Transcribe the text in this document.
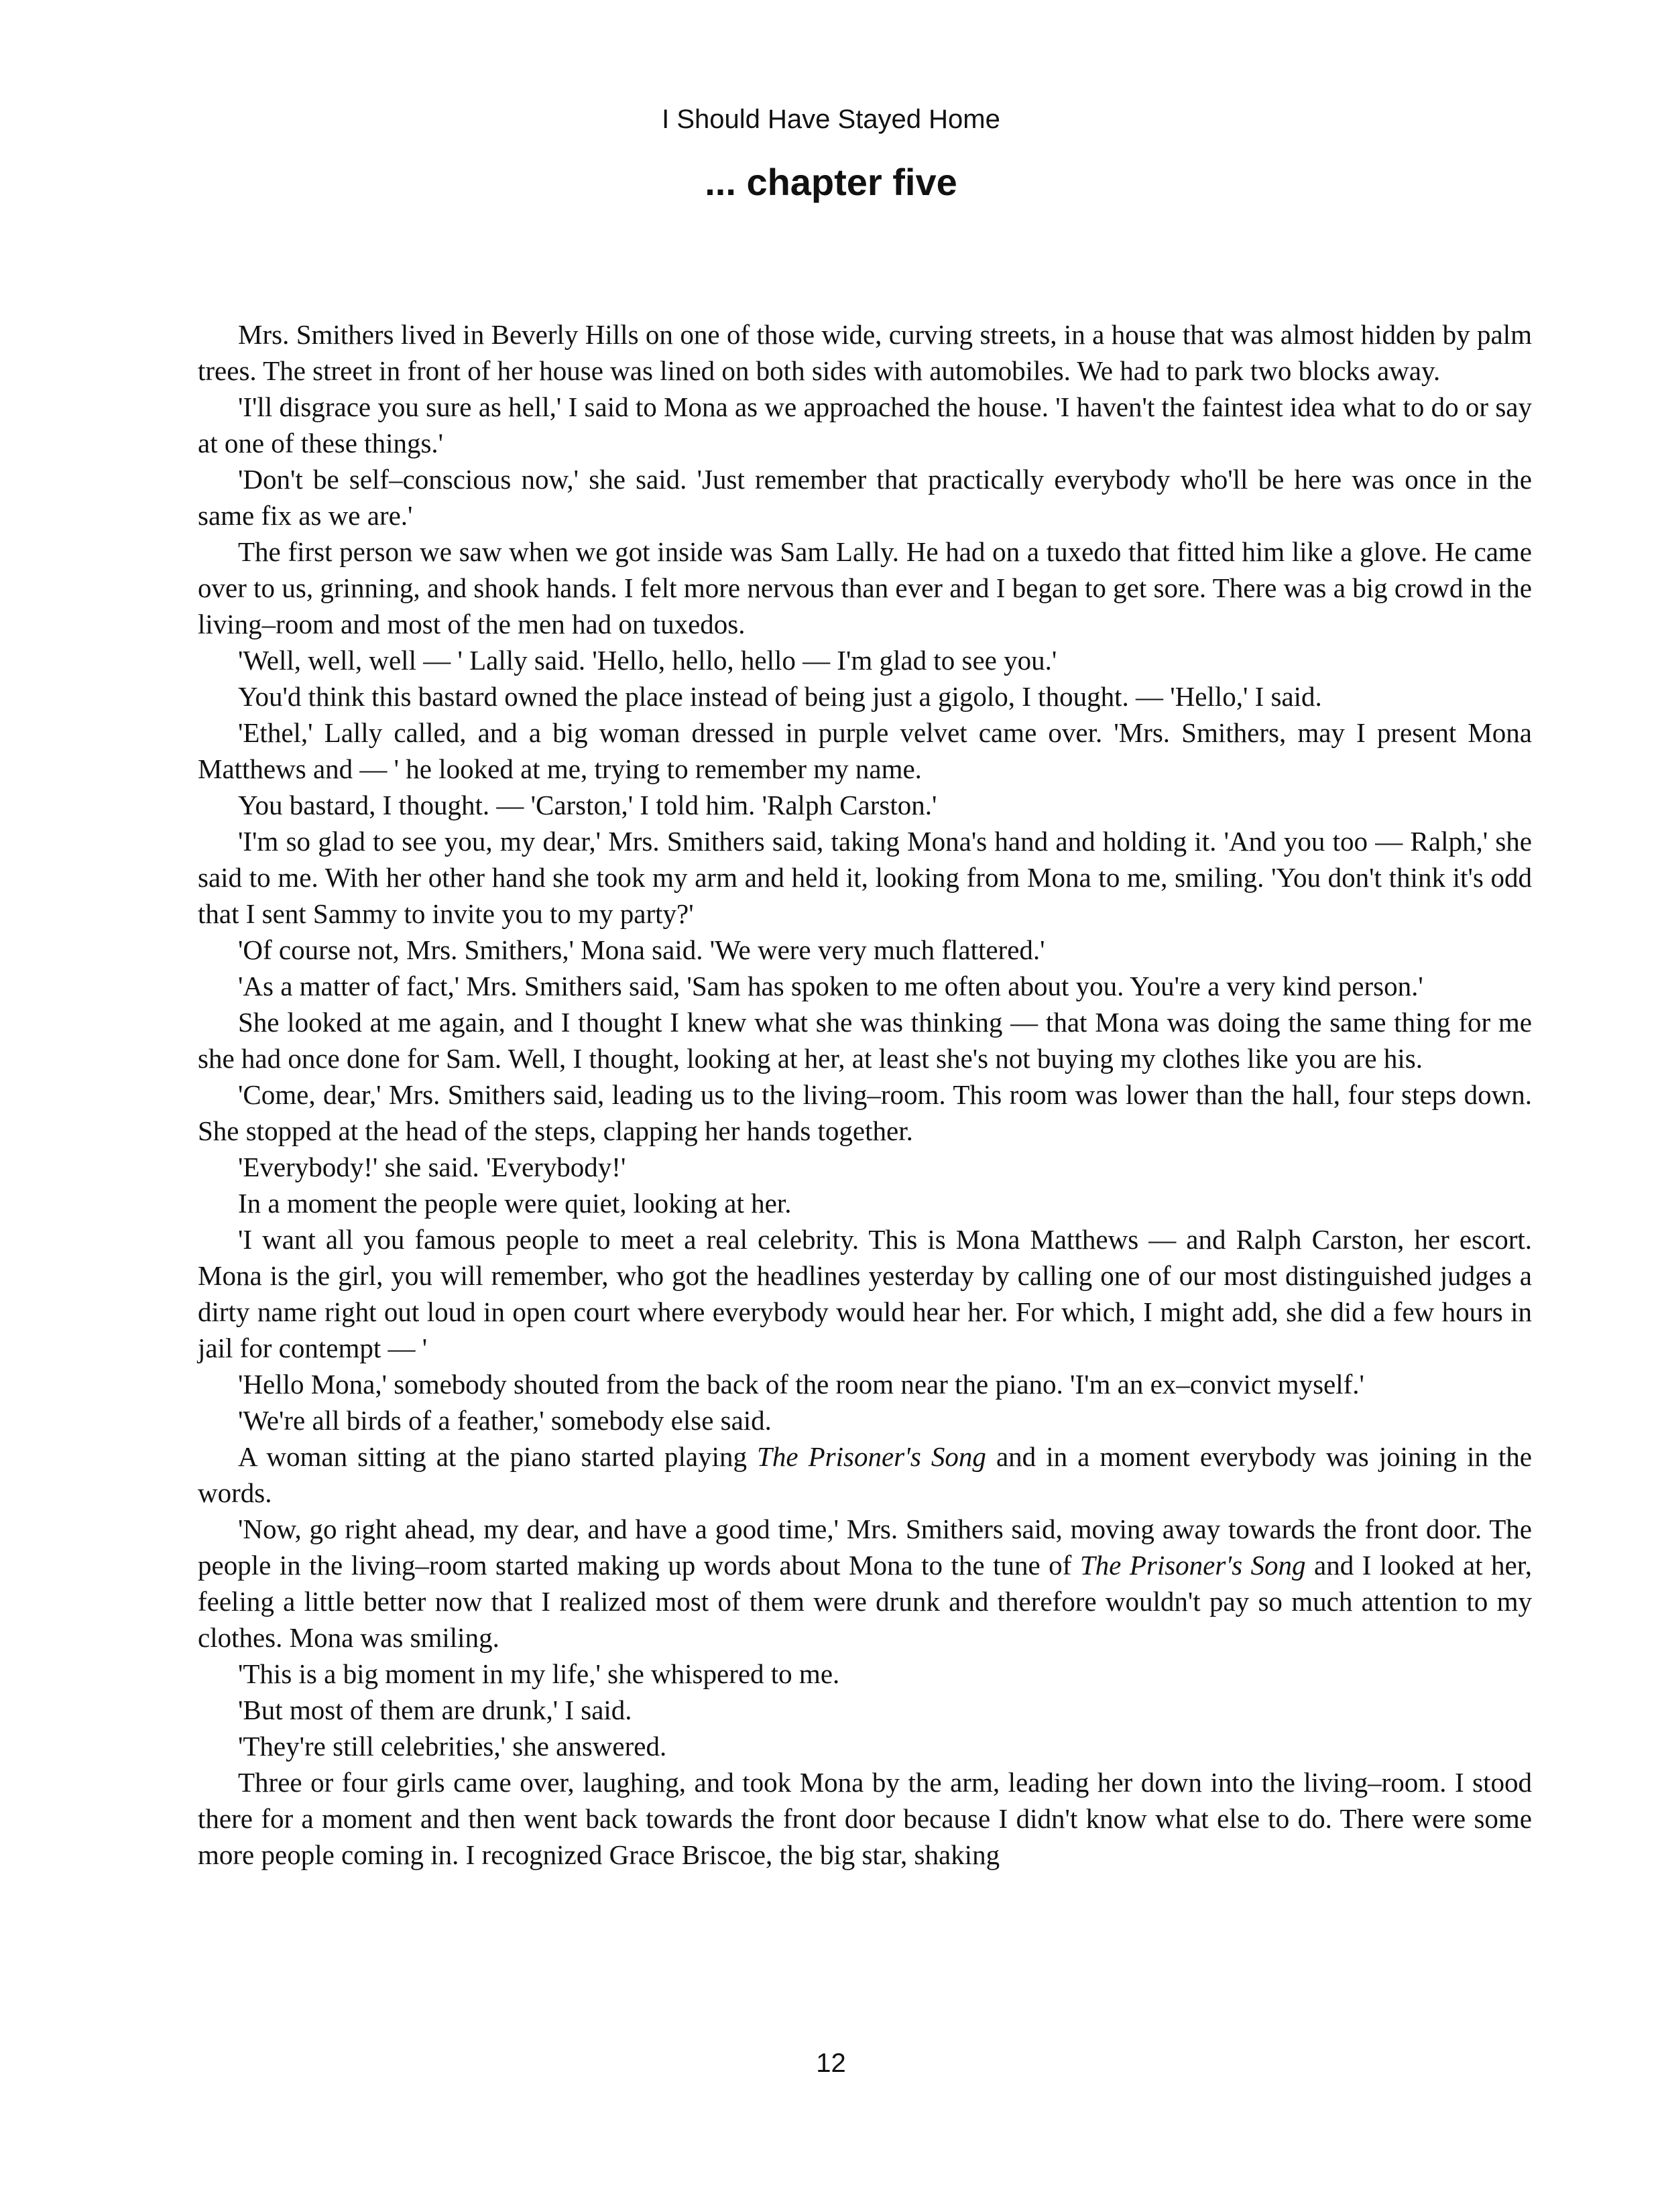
I Should Have Stayed Home
... chapter five

Mrs. Smithers lived in Beverly Hills on one of those wide, curving streets, in a house that was almost hidden by palm trees. The street in front of her house was lined on both sides with automobiles. We had to park two blocks away.

'I'll disgrace you sure as hell,' I said to Mona as we approached the house. 'I haven't the faintest idea what to do or say at one of these things.'

'Don't be self–conscious now,' she said. 'Just remember that practically everybody who'll be here was once in the same fix as we are.'

The first person we saw when we got inside was Sam Lally. He had on a tuxedo that fitted him like a glove. He came over to us, grinning, and shook hands. I felt more nervous than ever and I began to get sore. There was a big crowd in the living–room and most of the men had on tuxedos.

'Well, well, well — ' Lally said. 'Hello, hello, hello — I'm glad to see you.'

You'd think this bastard owned the place instead of being just a gigolo, I thought. — 'Hello,' I said.

'Ethel,' Lally called, and a big woman dressed in purple velvet came over. 'Mrs. Smithers, may I present Mona Matthews and — ' he looked at me, trying to remember my name.

You bastard, I thought. — 'Carston,' I told him. 'Ralph Carston.'

'I'm so glad to see you, my dear,' Mrs. Smithers said, taking Mona's hand and holding it. 'And you too — Ralph,' she said to me. With her other hand she took my arm and held it, looking from Mona to me, smiling. 'You don't think it's odd that I sent Sammy to invite you to my party?'

'Of course not, Mrs. Smithers,' Mona said. 'We were very much flattered.'

'As a matter of fact,' Mrs. Smithers said, 'Sam has spoken to me often about you. You're a very kind person.'

She looked at me again, and I thought I knew what she was thinking — that Mona was doing the same thing for me she had once done for Sam. Well, I thought, looking at her, at least she's not buying my clothes like you are his.

'Come, dear,' Mrs. Smithers said, leading us to the living–room. This room was lower than the hall, four steps down. She stopped at the head of the steps, clapping her hands together.

'Everybody!' she said. 'Everybody!'

In a moment the people were quiet, looking at her.

'I want all you famous people to meet a real celebrity. This is Mona Matthews — and Ralph Carston, her escort. Mona is the girl, you will remember, who got the headlines yesterday by calling one of our most distinguished judges a dirty name right out loud in open court where everybody would hear her. For which, I might add, she did a few hours in jail for contempt — '

'Hello Mona,' somebody shouted from the back of the room near the piano. 'I'm an ex–convict myself.'

'We're all birds of a feather,' somebody else said.

A woman sitting at the piano started playing The Prisoner's Song and in a moment everybody was joining in the words.

'Now, go right ahead, my dear, and have a good time,' Mrs. Smithers said, moving away towards the front door. The people in the living–room started making up words about Mona to the tune of The Prisoner's Song and I looked at her, feeling a little better now that I realized most of them were drunk and therefore wouldn't pay so much attention to my clothes. Mona was smiling.

'This is a big moment in my life,' she whispered to me.

'But most of them are drunk,' I said.

'They're still celebrities,' she answered.

Three or four girls came over, laughing, and took Mona by the arm, leading her down into the living–room. I stood there for a moment and then went back towards the front door because I didn't know what else to do. There were some more people coming in. I recognized Grace Briscoe, the big star, shaking

12
